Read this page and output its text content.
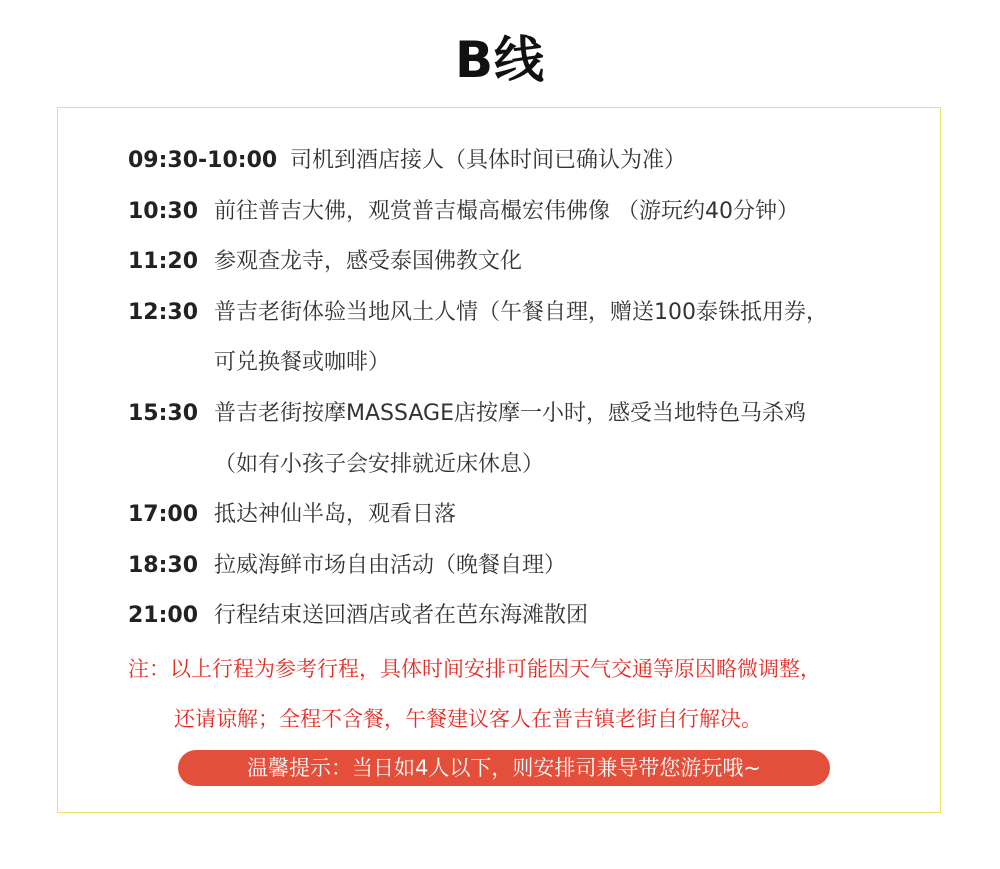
B线
09:30-10:00 司机到酒店接人（具体时间已确认为准）
10:30 前往普吉大佛，观赏普吉樶高樶宏伟佛像 （游玩约40分钟）
11:20 参观查龙寺，感受泰国佛教文化
12:30 普吉老街体验当地风土人情（午餐自理，赠送100泰铢抵用券，
可兑换餐或咖啡）
15:30 普吉老街按摩MASSAGE店按摩一小时，感受当地特色马杀鸡
（如有小孩子会安排就近床休息）
17:00 抵达神仙半岛，观看日落
18:30 拉威海鲜市场自由活动（晚餐自理）
21:00 行程结束送回酒店或者在芭东海滩散团
注：以上行程为参考行程，具体时间安排可能因天气交通等原因略微调整，
还请谅解；全程不含餐，午餐建议客人在普吉镇老街自行解决。
温馨提示：当日如4人以下，则安排司兼导带您游玩哦~
